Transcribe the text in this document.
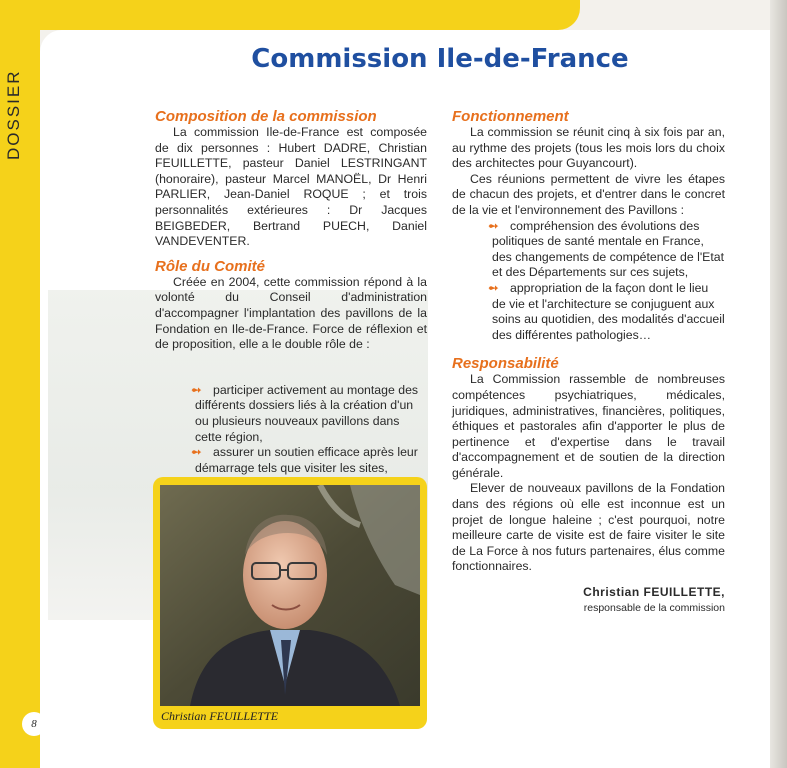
DOSSIER
Commission Ile-de-France
Composition de la commission

La commission Ile-de-France est composée de dix personnes : Hubert DADRE, Christian FEUILLETTE, pasteur Daniel LESTRINGANT (honoraire), pasteur Marcel MANOËL, Dr Henri PARLIER, Jean-Daniel ROQUE ; et trois personnalités extérieures : Dr Jacques BEIGBEDER, Bertrand PUECH, Daniel VANDEVENTER.

Rôle du Comité

Créée en 2004, cette commission répond à la volonté du Conseil d'administration d'accompagner l'implantation des pavillons de la Fondation en Ile-de-France. Force de réflexion et de proposition, elle a le double rôle de :

➻ participer activement au montage des différents dossiers liés à la création d'un ou plusieurs nouveaux pavillons dans cette région,

➻ assurer un soutien efficace après leur démarrage tels que visiter les sites,

Fonctionnement

La commission se réunit cinq à six fois par an, au rythme des projets (tous les mois lors du choix des architectes pour Guyancourt).

Ces réunions permettent de vivre les étapes de chacun des projets, et d'entrer dans le concret de la vie et l'environnement des Pavillons :

➻ compréhension des évolutions des politiques de santé mentale en France, des changements de compétence de l'Etat et des Départements sur ces sujets,

➻ appropriation de la façon dont le lieu de vie et l'architecture se conjuguent aux soins au quotidien, des modalités d'accueil des différentes pathologies…

Responsabilité

La Commission rassemble de nombreuses compétences psychiatriques, médicales, juridiques, administratives, financières, politiques, éthiques et pastorales afin d'apporter le plus de pertinence et d'expertise dans le travail d'accompagnement et de soutien de la direction générale.

Elever de nouveaux pavillons de la Fondation dans des régions où elle est inconnue est un projet de longue haleine ; c'est pourquoi, notre meilleure carte de visite est de faire visiter le site de La Force à nos futurs partenaires, élus comme fonctionnaires.

Christian FEUILLETTE,
responsable de la commission
Christian FEUILLETTE
8
